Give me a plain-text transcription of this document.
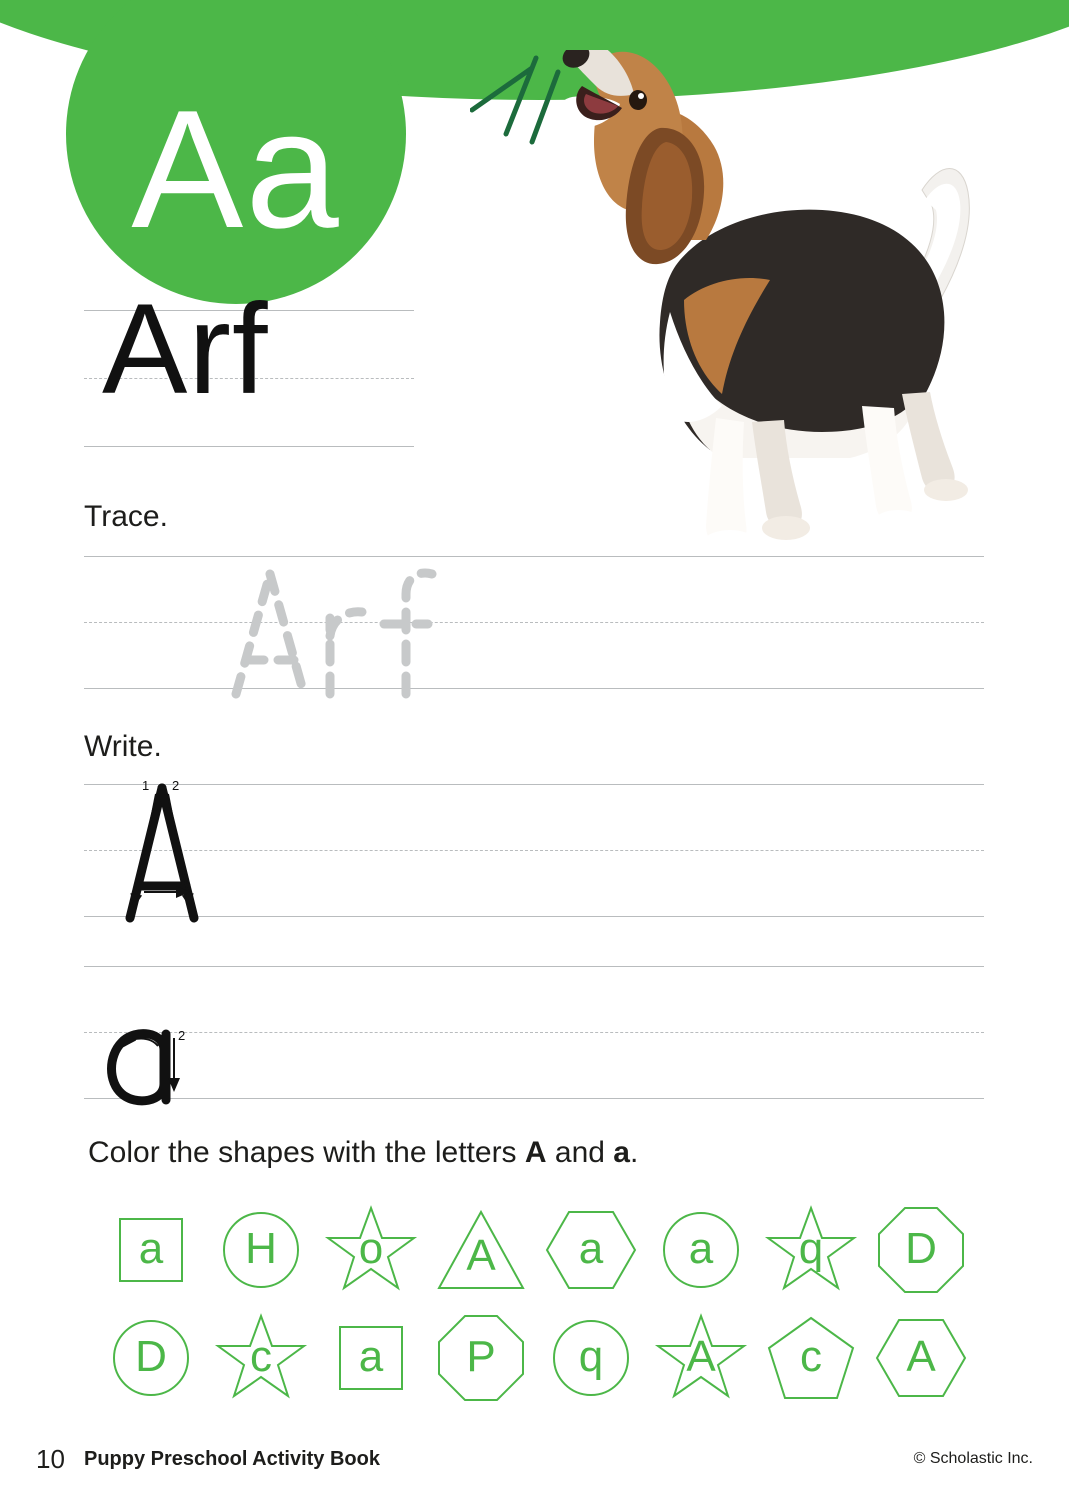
A a
Arf
Trace.
Write.
1 2
3
2
Color the shapes with the letters A and a.
a H o A a a q D
D c a P q A c A
10 Puppy Preschool Activity Book	© Scholastic Inc.
